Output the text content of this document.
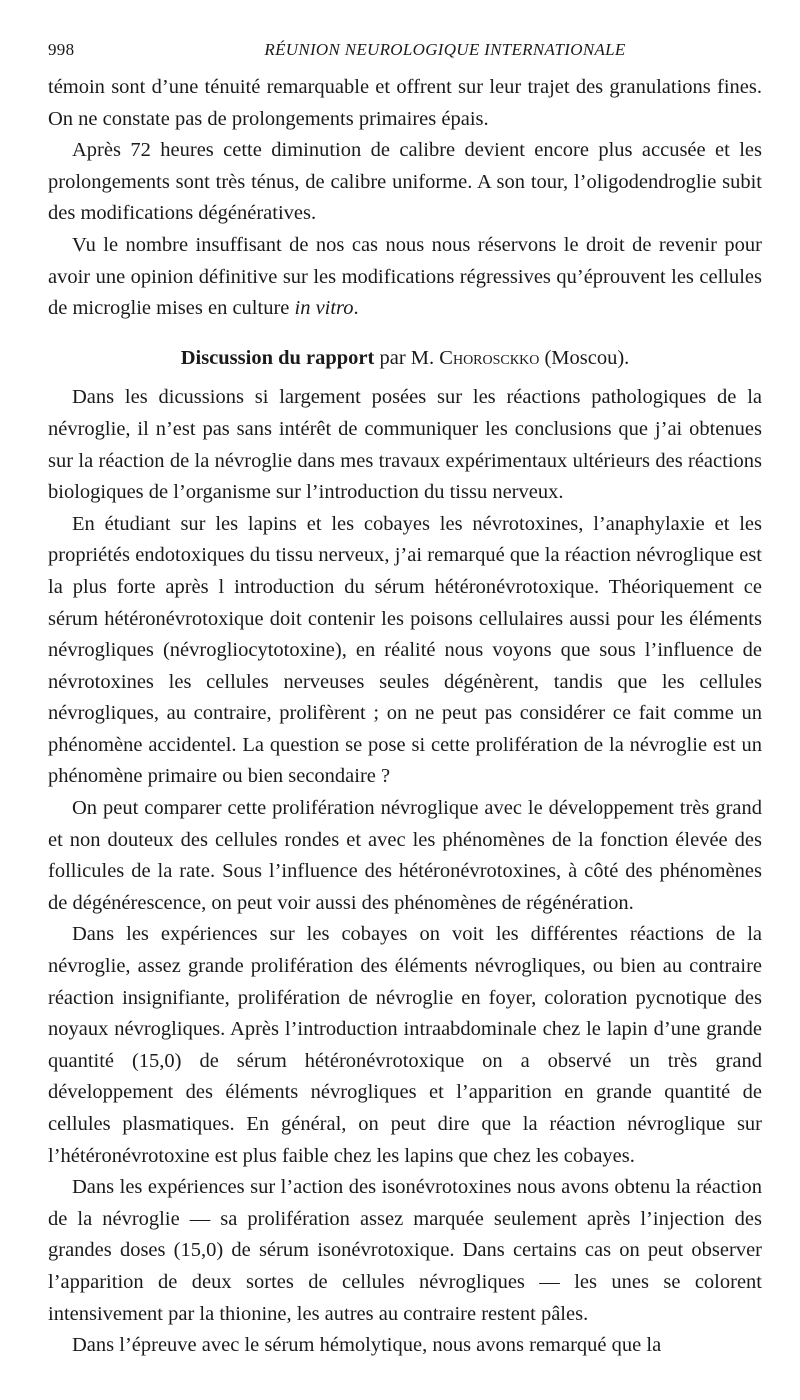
998	RÉUNION NEUROLOGIQUE INTERNATIONALE

témoin sont d’une ténuité remarquable et offrent sur leur trajet des granulations fines. On ne constate pas de prolongements primaires épais.

Après 72 heures cette diminution de calibre devient encore plus accusée et les prolongements sont très ténus, de calibre uniforme. A son tour, l’oligodendroglie subit des modifications dégénératives.

Vu le nombre insuffisant de nos cas nous nous réservons le droit de revenir pour avoir une opinion définitive sur les modifications régressives qu’éprouvent les cellules de microglie mises en culture in vitro.

Discussion du rapport par M. Choroscкko (Moscou).

Dans les dicussions si largement posées sur les réactions pathologiques de la névroglie, il n’est pas sans intérêt de communiquer les conclusions que j’ai obtenues sur la réaction de la névroglie dans mes travaux expérimentaux ultérieurs des réactions biologiques de l’organisme sur l’introduction du tissu nerveux.

En étudiant sur les lapins et les cobayes les névrotoxines, l’anaphylaxie et les propriétés endotoxiques du tissu nerveux, j’ai remarqué que la réaction névroglique est la plus forte après l introduction du sérum hétéronévrotoxique. Théoriquement ce sérum hétéronévrotoxique doit contenir les poisons cellulaires aussi pour les éléments névrogliques (névrogliocytotoxine), en réalité nous voyons que sous l’influence de névrotoxines les cellules nerveuses seules dégénèrent, tandis que les cellules névrogliques, au contraire, prolifèrent ; on ne peut pas considérer ce fait comme un phénomène accidentel. La question se pose si cette prolifération de la névroglie est un phénomène primaire ou bien secondaire ?

On peut comparer cette prolifération névroglique avec le développement très grand et non douteux des cellules rondes et avec les phénomènes de la fonction élevée des follicules de la rate. Sous l’influence des hétéronévrotoxines, à côté des phénomènes de dégénérescence, on peut voir aussi des phénomènes de régénération.

Dans les expériences sur les cobayes on voit les différentes réactions de la névroglie, assez grande prolifération des éléments névrogliques, ou bien au contraire réaction insignifiante, prolifération de névroglie en foyer, coloration pycnotique des noyaux névrogliques. Après l’introduction intraabdominale chez le lapin d’une grande quantité (15,0) de sérum hétéronévrotoxique on a observé un très grand développement des éléments névrogliques et l’apparition en grande quantité de cellules plasmatiques. En général, on peut dire que la réaction névroglique sur l’hétéronévrotoxine est plus faible chez les lapins que chez les cobayes.

Dans les expériences sur l’action des isonévrotoxines nous avons obtenu la réaction de la névroglie — sa prolifération assez marquée seulement après l’injection des grandes doses (15,0) de sérum isonévrotoxique. Dans certains cas on peut observer l’apparition de deux sortes de cellules névrogliques — les unes se colorent intensivement par la thionine, les autres au contraire restent pâles.

Dans l’épreuve avec le sérum hémolytique, nous avons remarqué que la
